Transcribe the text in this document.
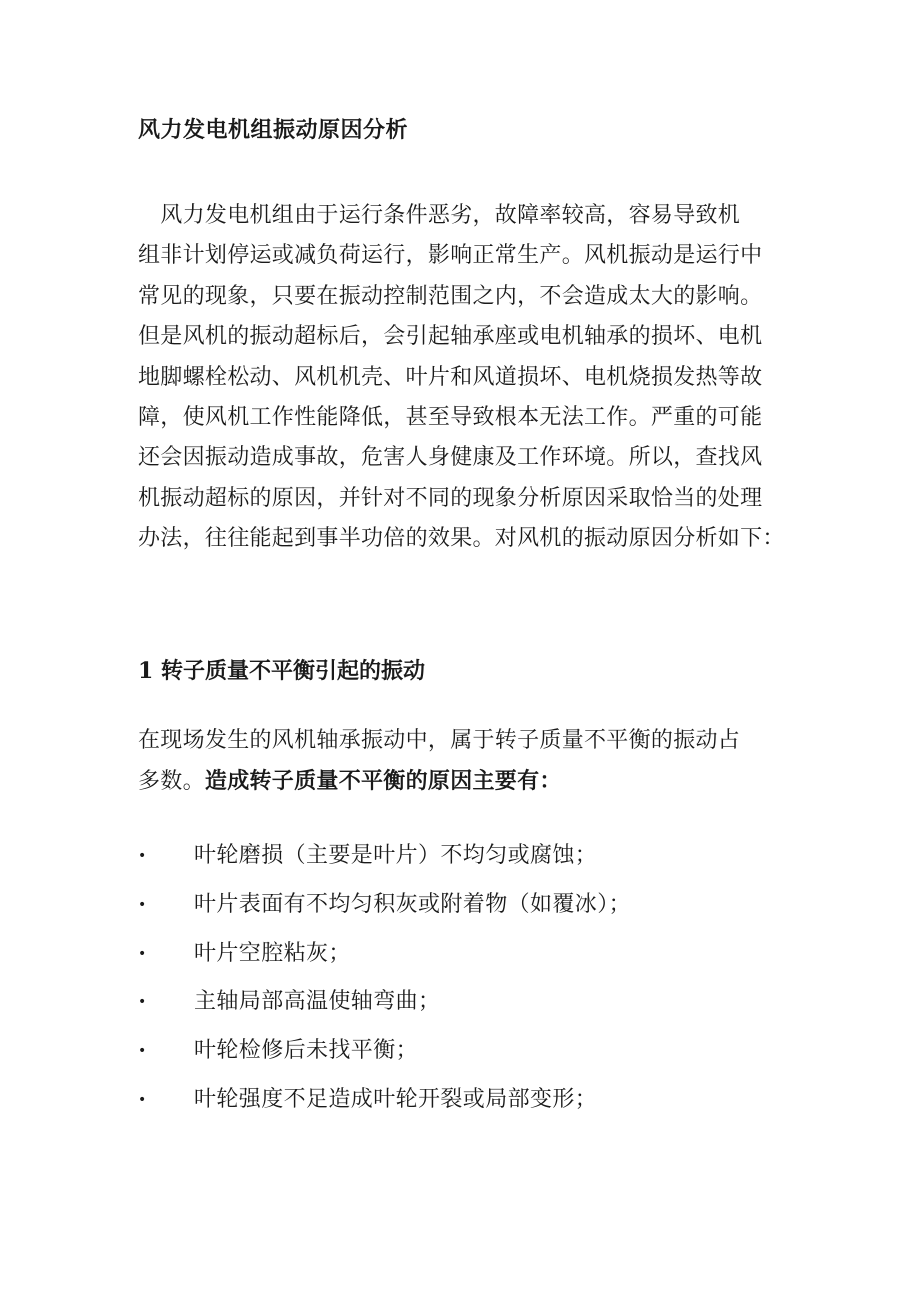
风力发电机组振动原因分析
　风力发电机组由于运行条件恶劣，故障率较高，容易导致机
组非计划停运或减负荷运行，影响正常生产。风机振动是运行中
常见的现象，只要在振动控制范围之内，不会造成太大的影响。
但是风机的振动超标后，会引起轴承座或电机轴承的损坏、电机
地脚螺栓松动、风机机壳、叶片和风道损坏、电机烧损发热等故
障，使风机工作性能降低，甚至导致根本无法工作。严重的可能
还会因振动造成事故，危害人身健康及工作环境。所以，查找风
机振动超标的原因，并针对不同的现象分析原因采取恰当的处理
办法，往往能起到事半功倍的效果。对风机的振动原因分析如下：
1 转子质量不平衡引起的振动
在现场发生的风机轴承振动中，属于转子质量不平衡的振动占
多数。造成转子质量不平衡的原因主要有：
•	叶轮磨损（主要是叶片）不均匀或腐蚀；
•	叶片表面有不均匀积灰或附着物（如覆冰）；
•	叶片空腔粘灰；
•	主轴局部高温使轴弯曲；
•	叶轮检修后未找平衡；
•	叶轮强度不足造成叶轮开裂或局部变形；
